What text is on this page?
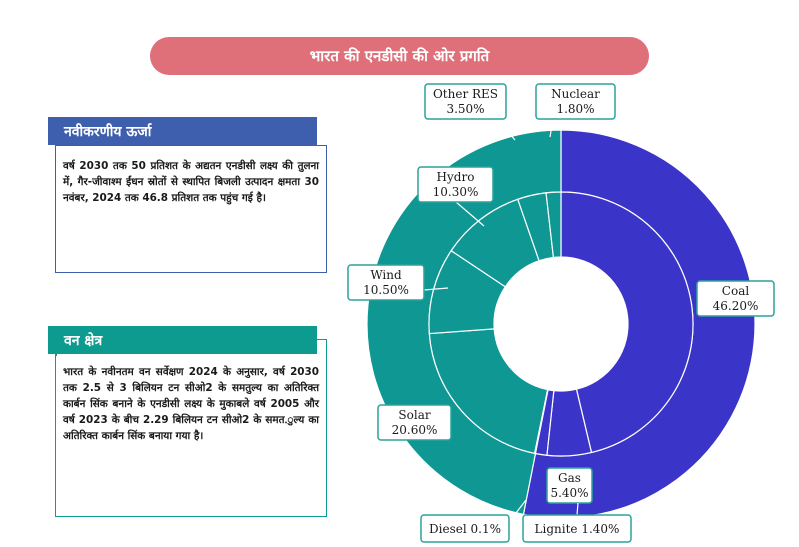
भारत की एनडीसी की ओर प्रगति

वर्ष 2030 तक 50 प्रतिशत के अद्यतन एनडीसी लक्ष्य की तुलना में, गैर-जीवाश्म ईंधन स्रोतों से स्थापित बिजली उत्पादन क्षमता 30 नवंबर, 2024 तक 46.8 प्रतिशत तक पहुंच गई है।

नवीकरणीय ऊर्जा

भारत के नवीनतम वन सर्वेक्षण 2024 के अनुसार, वर्ष 2030 तक 2.5 से 3 बिलियन टन सीओ2 के समतुल्य का अतिरिक्त कार्बन सिंक बनाने के एनडीसी लक्ष्य के मुकाबले वर्ष 2005 और वर्ष 2023 के बीच 2.29 बिलियन टन सीओ2 के समत.ुल्य का अतिरिक्त कार्बन सिंक बनाया गया है।

वन क्षेत्र
Coal
46.20%
Gas
5.40%
Lignite 1.40%
Diesel 0.1%
Solar
20.60%
Wind
10.50%
Hydro
10.30%
Other RES
3.50%
Nuclear
1.80%
